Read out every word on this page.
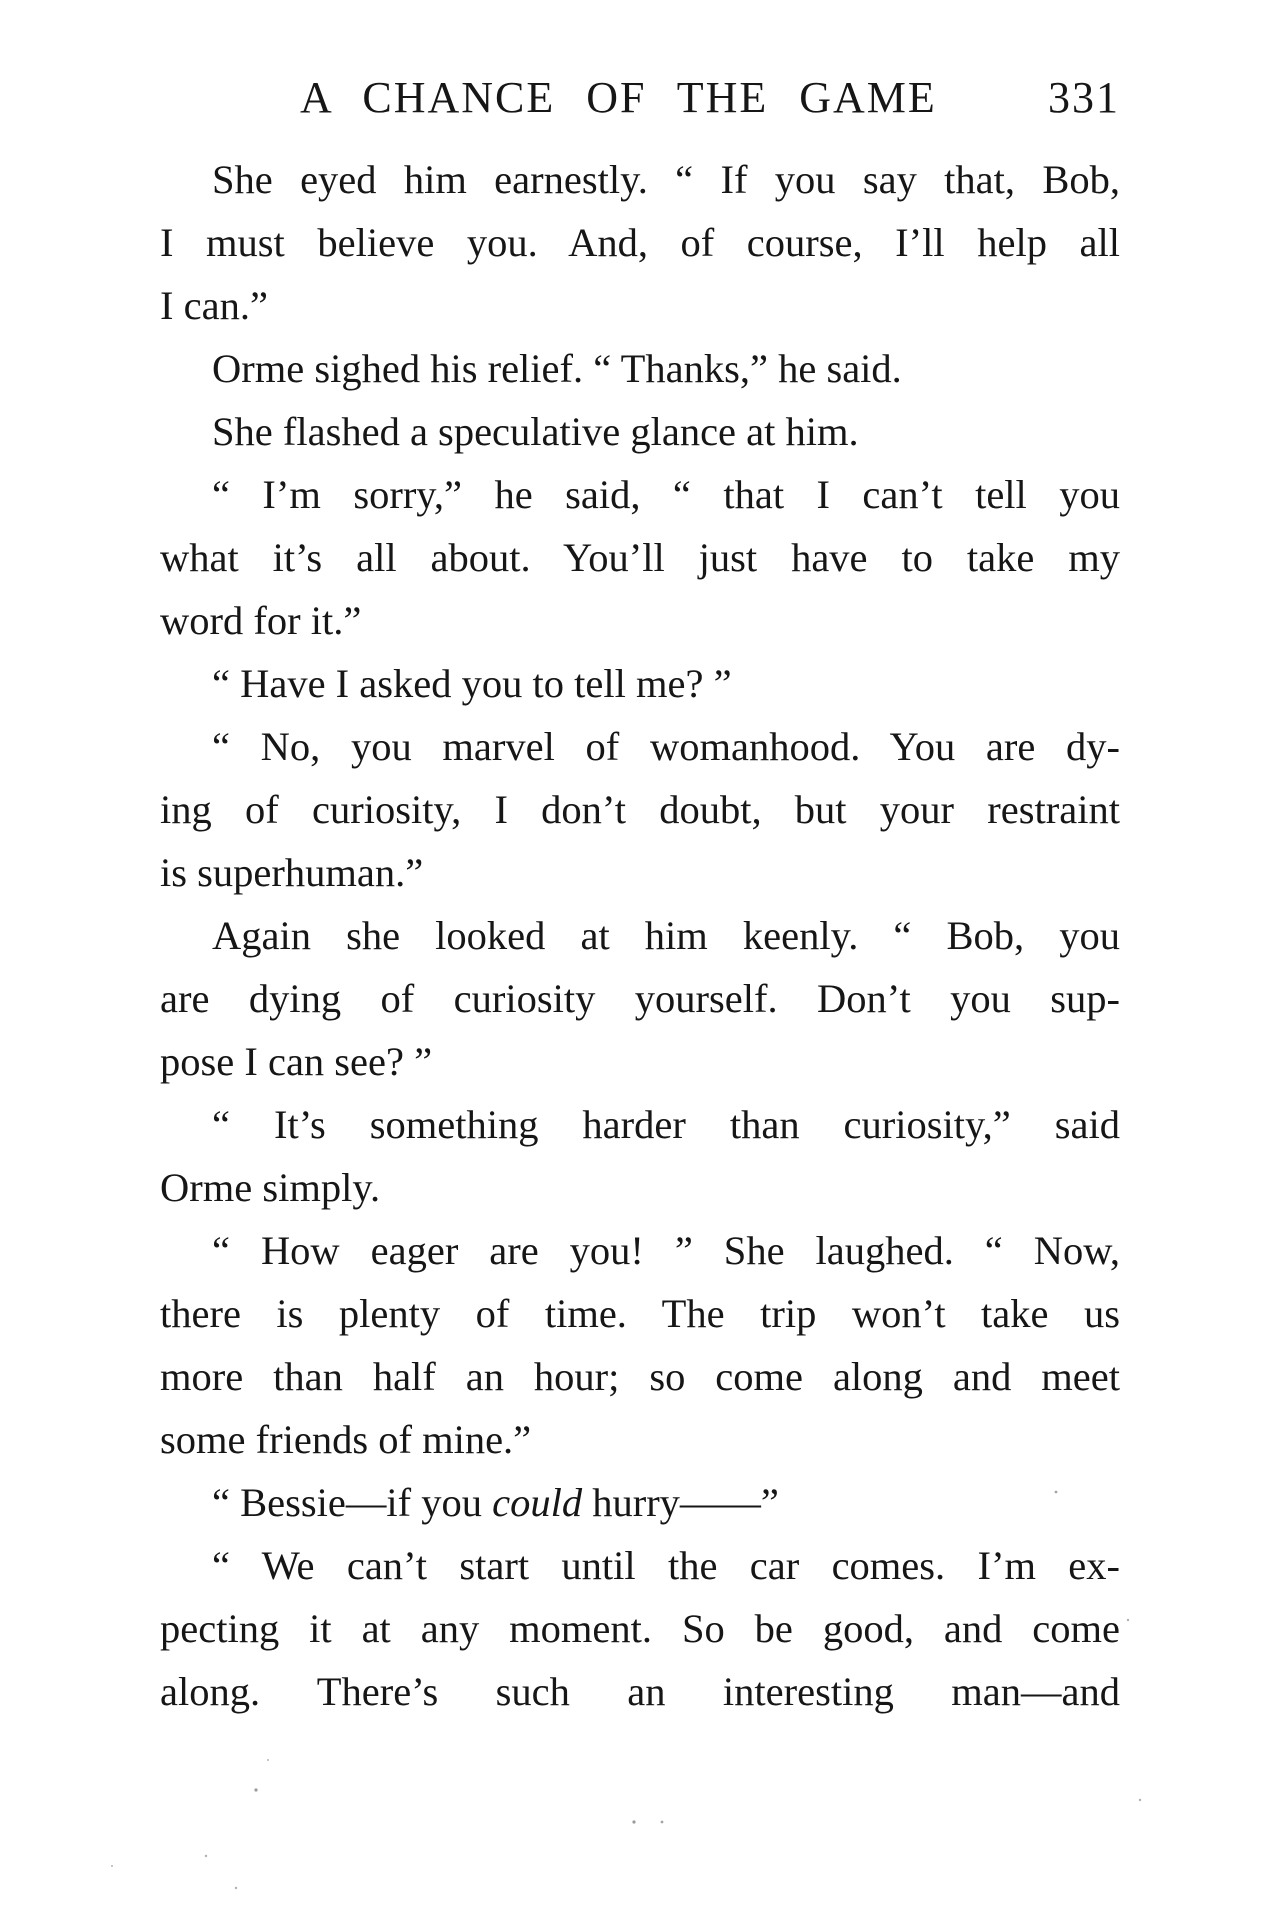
A CHANCE OF THE GAME	331
She eyed him earnestly. “ If you say that, Bob,
I must believe you. And, of course, I’ll help all
I can.”
Orme sighed his relief. “ Thanks,” he said.
She flashed a speculative glance at him.
“ I’m sorry,” he said, “ that I can’t tell you
what it’s all about. You’ll just have to take my
word for it.”
“ Have I asked you to tell me? ”
“ No, you marvel of womanhood. You are dy-
ing of curiosity, I don’t doubt, but your restraint
is superhuman.”
Again she looked at him keenly. “ Bob, you
are dying of curiosity yourself. Don’t you sup-
pose I can see? ”
“ It’s something harder than curiosity,” said
Orme simply.
“ How eager are you! ” She laughed. “ Now,
there is plenty of time. The trip won’t take us
more than half an hour; so come along and meet
some friends of mine.”
“ Bessie—if you could hurry——”
“ We can’t start until the car comes. I’m ex-
pecting it at any moment. So be good, and come
along. There’s such an interesting man—and
